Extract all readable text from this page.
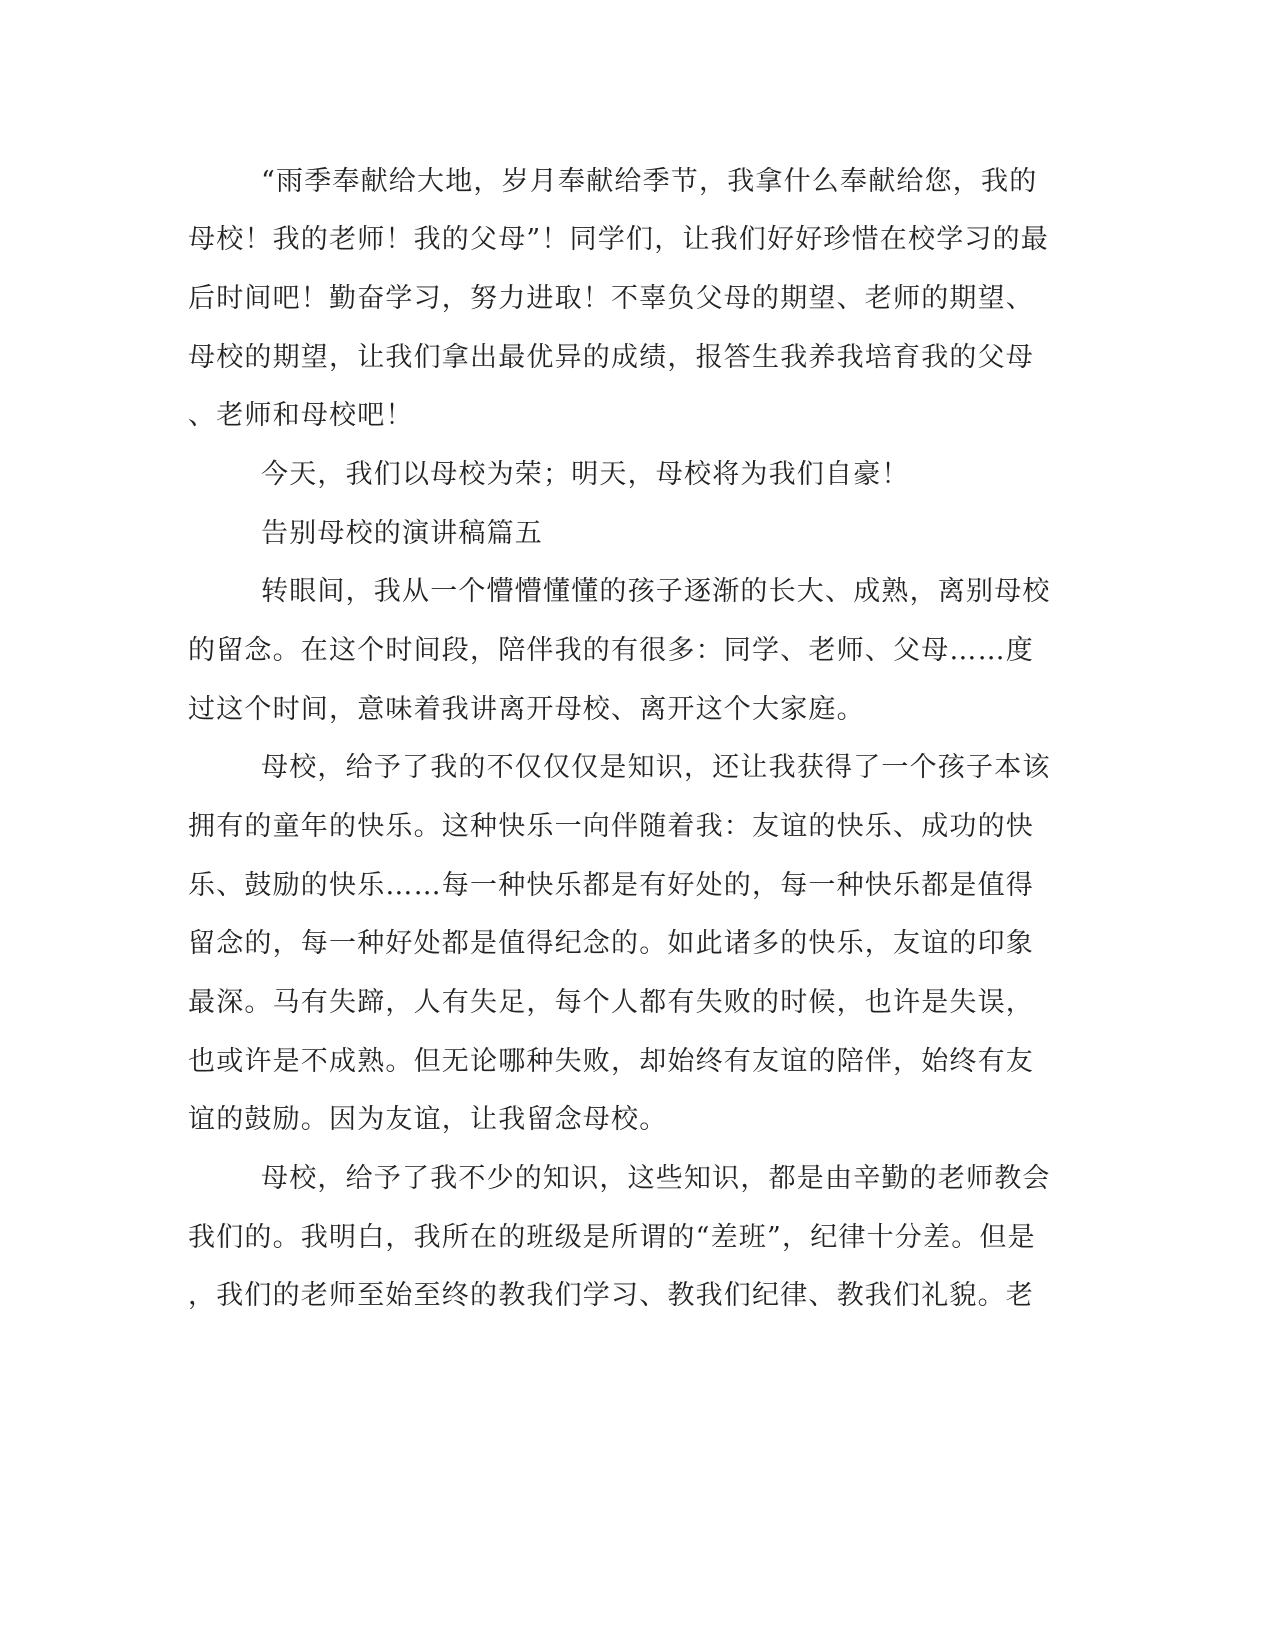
“雨季奉献给大地，岁月奉献给季节，我拿什么奉献给您，我的

母校！我的老师！我的父母”！同学们，让我们好好珍惜在校学习的最

后时间吧！勤奋学习，努力进取！不辜负父母的期望、老师的期望、

母校的期望，让我们拿出最优异的成绩，报答生我养我培育我的父母

、老师和母校吧！

今天，我们以母校为荣；明天，母校将为我们自豪！

告别母校的演讲稿篇五

转眼间，我从一个懵懵懂懂的孩子逐渐的长大、成熟，离别母校

的留念。在这个时间段，陪伴我的有很多：同学、老师、父母……度

过这个时间，意味着我讲离开母校、离开这个大家庭。

母校，给予了我的不仅仅仅是知识，还让我获得了一个孩子本该

拥有的童年的快乐。这种快乐一向伴随着我：友谊的快乐、成功的快

乐、鼓励的快乐……每一种快乐都是有好处的，每一种快乐都是值得

留念的，每一种好处都是值得纪念的。如此诸多的快乐，友谊的印象

最深。马有失蹄，人有失足，每个人都有失败的时候，也许是失误，

也或许是不成熟。但无论哪种失败，却始终有友谊的陪伴，始终有友

谊的鼓励。因为友谊，让我留念母校。

母校，给予了我不少的知识，这些知识，都是由辛勤的老师教会

我们的。我明白，我所在的班级是所谓的“差班”，纪律十分差。但是

，我们的老师至始至终的教我们学习、教我们纪律、教我们礼貌。老
